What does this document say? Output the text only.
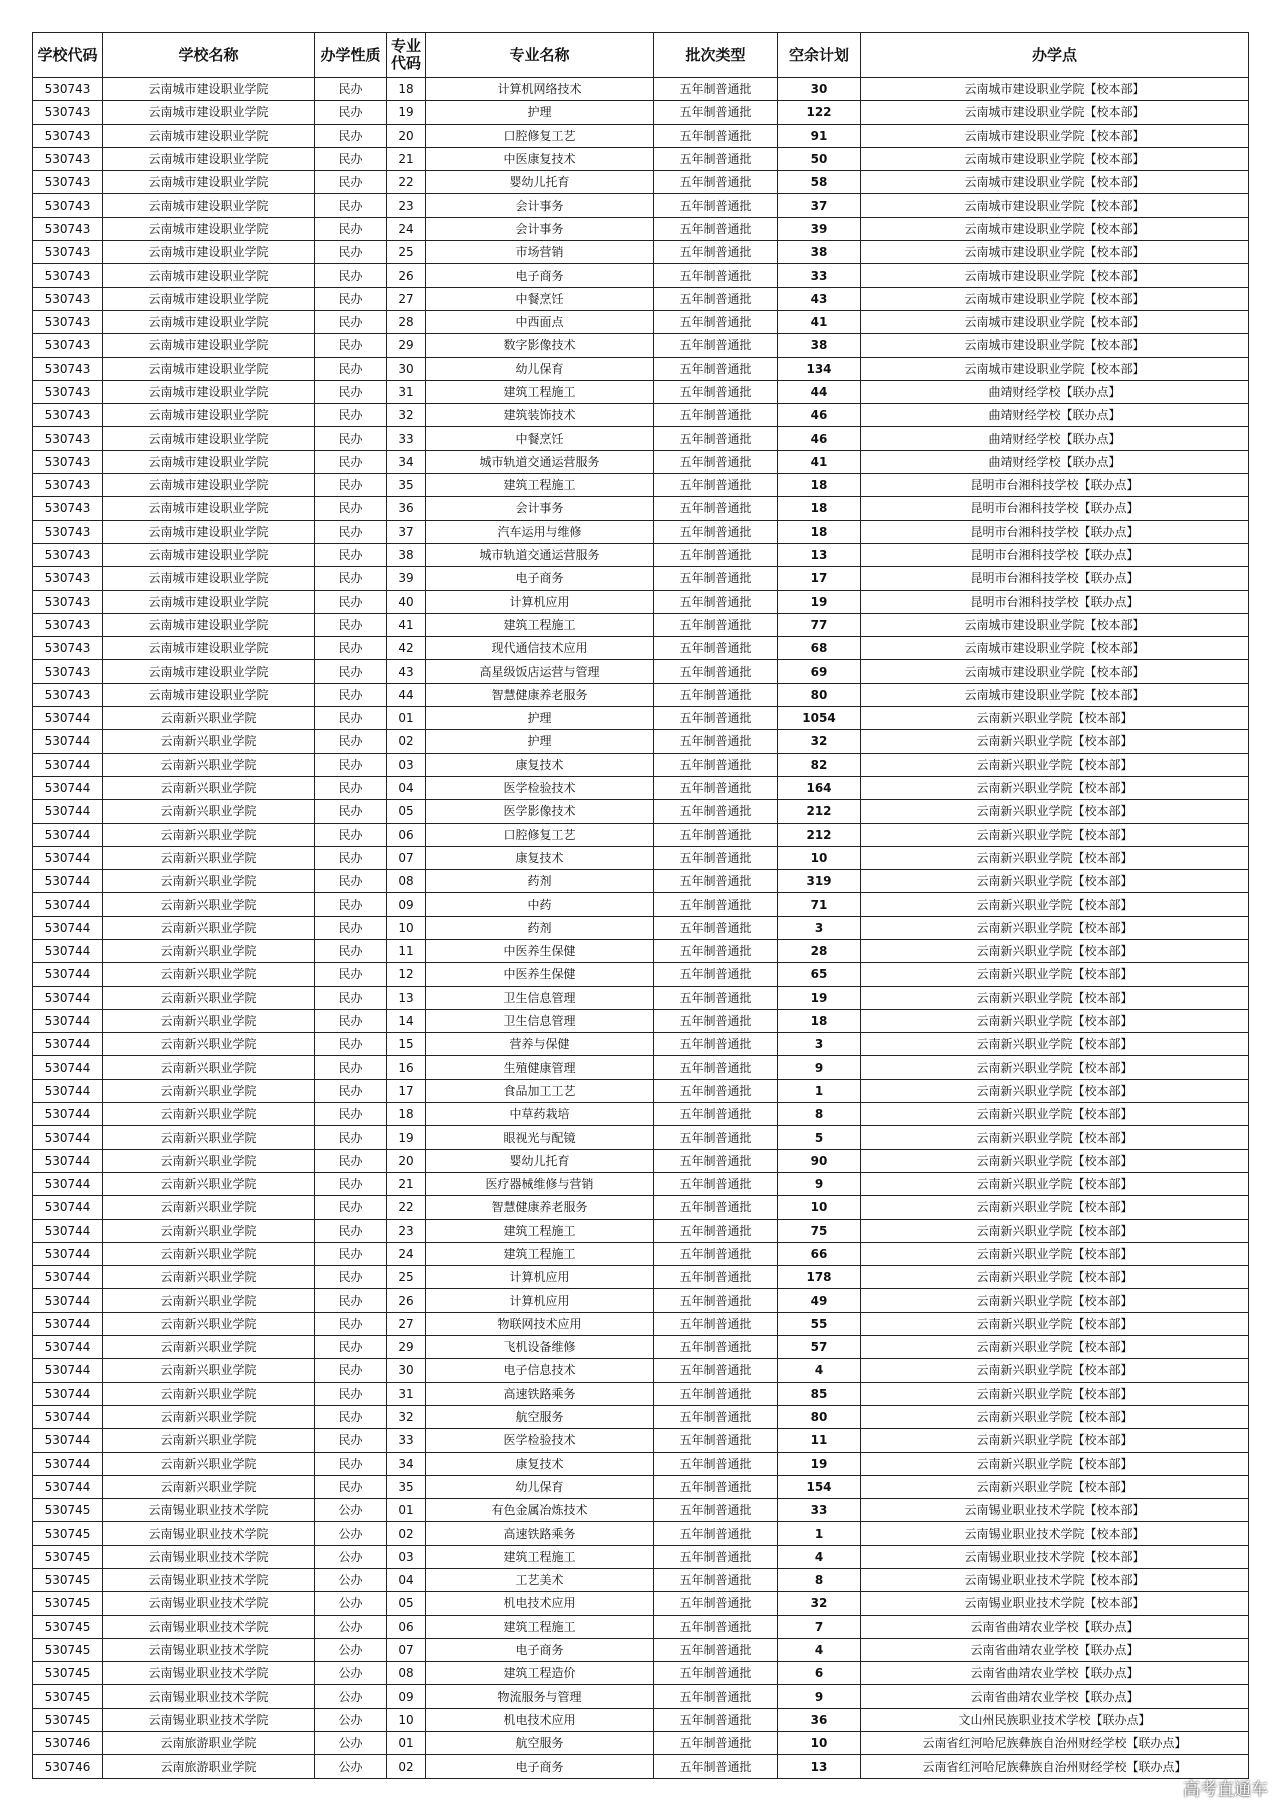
学校代码	学校名称	办学性质	专业代码	专业名称	批次类型	空余计划	办学点
530743	云南城市建设职业学院	民办	18	计算机网络技术	五年制普通批	30	云南城市建设职业学院【校本部】
530743	云南城市建设职业学院	民办	19	护理	五年制普通批	122	云南城市建设职业学院【校本部】
530743	云南城市建设职业学院	民办	20	口腔修复工艺	五年制普通批	91	云南城市建设职业学院【校本部】
530743	云南城市建设职业学院	民办	21	中医康复技术	五年制普通批	50	云南城市建设职业学院【校本部】
530743	云南城市建设职业学院	民办	22	婴幼儿托育	五年制普通批	58	云南城市建设职业学院【校本部】
530743	云南城市建设职业学院	民办	23	会计事务	五年制普通批	37	云南城市建设职业学院【校本部】
530743	云南城市建设职业学院	民办	24	会计事务	五年制普通批	39	云南城市建设职业学院【校本部】
530743	云南城市建设职业学院	民办	25	市场营销	五年制普通批	38	云南城市建设职业学院【校本部】
530743	云南城市建设职业学院	民办	26	电子商务	五年制普通批	33	云南城市建设职业学院【校本部】
530743	云南城市建设职业学院	民办	27	中餐烹饪	五年制普通批	43	云南城市建设职业学院【校本部】
530743	云南城市建设职业学院	民办	28	中西面点	五年制普通批	41	云南城市建设职业学院【校本部】
530743	云南城市建设职业学院	民办	29	数字影像技术	五年制普通批	38	云南城市建设职业学院【校本部】
530743	云南城市建设职业学院	民办	30	幼儿保育	五年制普通批	134	云南城市建设职业学院【校本部】
530743	云南城市建设职业学院	民办	31	建筑工程施工	五年制普通批	44	曲靖财经学校【联办点】
530743	云南城市建设职业学院	民办	32	建筑装饰技术	五年制普通批	46	曲靖财经学校【联办点】
530743	云南城市建设职业学院	民办	33	中餐烹饪	五年制普通批	46	曲靖财经学校【联办点】
530743	云南城市建设职业学院	民办	34	城市轨道交通运营服务	五年制普通批	41	曲靖财经学校【联办点】
530743	云南城市建设职业学院	民办	35	建筑工程施工	五年制普通批	18	昆明市台湘科技学校【联办点】
530743	云南城市建设职业学院	民办	36	会计事务	五年制普通批	18	昆明市台湘科技学校【联办点】
530743	云南城市建设职业学院	民办	37	汽车运用与维修	五年制普通批	18	昆明市台湘科技学校【联办点】
530743	云南城市建设职业学院	民办	38	城市轨道交通运营服务	五年制普通批	13	昆明市台湘科技学校【联办点】
530743	云南城市建设职业学院	民办	39	电子商务	五年制普通批	17	昆明市台湘科技学校【联办点】
530743	云南城市建设职业学院	民办	40	计算机应用	五年制普通批	19	昆明市台湘科技学校【联办点】
530743	云南城市建设职业学院	民办	41	建筑工程施工	五年制普通批	77	云南城市建设职业学院【校本部】
530743	云南城市建设职业学院	民办	42	现代通信技术应用	五年制普通批	68	云南城市建设职业学院【校本部】
530743	云南城市建设职业学院	民办	43	高星级饭店运营与管理	五年制普通批	69	云南城市建设职业学院【校本部】
530743	云南城市建设职业学院	民办	44	智慧健康养老服务	五年制普通批	80	云南城市建设职业学院【校本部】
530744	云南新兴职业学院	民办	01	护理	五年制普通批	1054	云南新兴职业学院【校本部】
530744	云南新兴职业学院	民办	02	护理	五年制普通批	32	云南新兴职业学院【校本部】
530744	云南新兴职业学院	民办	03	康复技术	五年制普通批	82	云南新兴职业学院【校本部】
530744	云南新兴职业学院	民办	04	医学检验技术	五年制普通批	164	云南新兴职业学院【校本部】
530744	云南新兴职业学院	民办	05	医学影像技术	五年制普通批	212	云南新兴职业学院【校本部】
530744	云南新兴职业学院	民办	06	口腔修复工艺	五年制普通批	212	云南新兴职业学院【校本部】
530744	云南新兴职业学院	民办	07	康复技术	五年制普通批	10	云南新兴职业学院【校本部】
530744	云南新兴职业学院	民办	08	药剂	五年制普通批	319	云南新兴职业学院【校本部】
530744	云南新兴职业学院	民办	09	中药	五年制普通批	71	云南新兴职业学院【校本部】
530744	云南新兴职业学院	民办	10	药剂	五年制普通批	3	云南新兴职业学院【校本部】
530744	云南新兴职业学院	民办	11	中医养生保健	五年制普通批	28	云南新兴职业学院【校本部】
530744	云南新兴职业学院	民办	12	中医养生保健	五年制普通批	65	云南新兴职业学院【校本部】
530744	云南新兴职业学院	民办	13	卫生信息管理	五年制普通批	19	云南新兴职业学院【校本部】
530744	云南新兴职业学院	民办	14	卫生信息管理	五年制普通批	18	云南新兴职业学院【校本部】
530744	云南新兴职业学院	民办	15	营养与保健	五年制普通批	3	云南新兴职业学院【校本部】
530744	云南新兴职业学院	民办	16	生殖健康管理	五年制普通批	9	云南新兴职业学院【校本部】
530744	云南新兴职业学院	民办	17	食品加工工艺	五年制普通批	1	云南新兴职业学院【校本部】
530744	云南新兴职业学院	民办	18	中草药栽培	五年制普通批	8	云南新兴职业学院【校本部】
530744	云南新兴职业学院	民办	19	眼视光与配镜	五年制普通批	5	云南新兴职业学院【校本部】
530744	云南新兴职业学院	民办	20	婴幼儿托育	五年制普通批	90	云南新兴职业学院【校本部】
530744	云南新兴职业学院	民办	21	医疗器械维修与营销	五年制普通批	9	云南新兴职业学院【校本部】
530744	云南新兴职业学院	民办	22	智慧健康养老服务	五年制普通批	10	云南新兴职业学院【校本部】
530744	云南新兴职业学院	民办	23	建筑工程施工	五年制普通批	75	云南新兴职业学院【校本部】
530744	云南新兴职业学院	民办	24	建筑工程施工	五年制普通批	66	云南新兴职业学院【校本部】
530744	云南新兴职业学院	民办	25	计算机应用	五年制普通批	178	云南新兴职业学院【校本部】
530744	云南新兴职业学院	民办	26	计算机应用	五年制普通批	49	云南新兴职业学院【校本部】
530744	云南新兴职业学院	民办	27	物联网技术应用	五年制普通批	55	云南新兴职业学院【校本部】
530744	云南新兴职业学院	民办	29	飞机设备维修	五年制普通批	57	云南新兴职业学院【校本部】
530744	云南新兴职业学院	民办	30	电子信息技术	五年制普通批	4	云南新兴职业学院【校本部】
530744	云南新兴职业学院	民办	31	高速铁路乘务	五年制普通批	85	云南新兴职业学院【校本部】
530744	云南新兴职业学院	民办	32	航空服务	五年制普通批	80	云南新兴职业学院【校本部】
530744	云南新兴职业学院	民办	33	医学检验技术	五年制普通批	11	云南新兴职业学院【校本部】
530744	云南新兴职业学院	民办	34	康复技术	五年制普通批	19	云南新兴职业学院【校本部】
530744	云南新兴职业学院	民办	35	幼儿保育	五年制普通批	154	云南新兴职业学院【校本部】
530745	云南锡业职业技术学院	公办	01	有色金属冶炼技术	五年制普通批	33	云南锡业职业技术学院【校本部】
530745	云南锡业职业技术学院	公办	02	高速铁路乘务	五年制普通批	1	云南锡业职业技术学院【校本部】
530745	云南锡业职业技术学院	公办	03	建筑工程施工	五年制普通批	4	云南锡业职业技术学院【校本部】
530745	云南锡业职业技术学院	公办	04	工艺美术	五年制普通批	8	云南锡业职业技术学院【校本部】
530745	云南锡业职业技术学院	公办	05	机电技术应用	五年制普通批	32	云南锡业职业技术学院【校本部】
530745	云南锡业职业技术学院	公办	06	建筑工程施工	五年制普通批	7	云南省曲靖农业学校【联办点】
530745	云南锡业职业技术学院	公办	07	电子商务	五年制普通批	4	云南省曲靖农业学校【联办点】
530745	云南锡业职业技术学院	公办	08	建筑工程造价	五年制普通批	6	云南省曲靖农业学校【联办点】
530745	云南锡业职业技术学院	公办	09	物流服务与管理	五年制普通批	9	云南省曲靖农业学校【联办点】
530745	云南锡业职业技术学院	公办	10	机电技术应用	五年制普通批	36	文山州民族职业技术学校【联办点】
530746	云南旅游职业学院	公办	01	航空服务	五年制普通批	10	云南省红河哈尼族彝族自治州财经学校【联办点】
530746	云南旅游职业学院	公办	02	电子商务	五年制普通批	13	云南省红河哈尼族彝族自治州财经学校【联办点】
高考直通车
